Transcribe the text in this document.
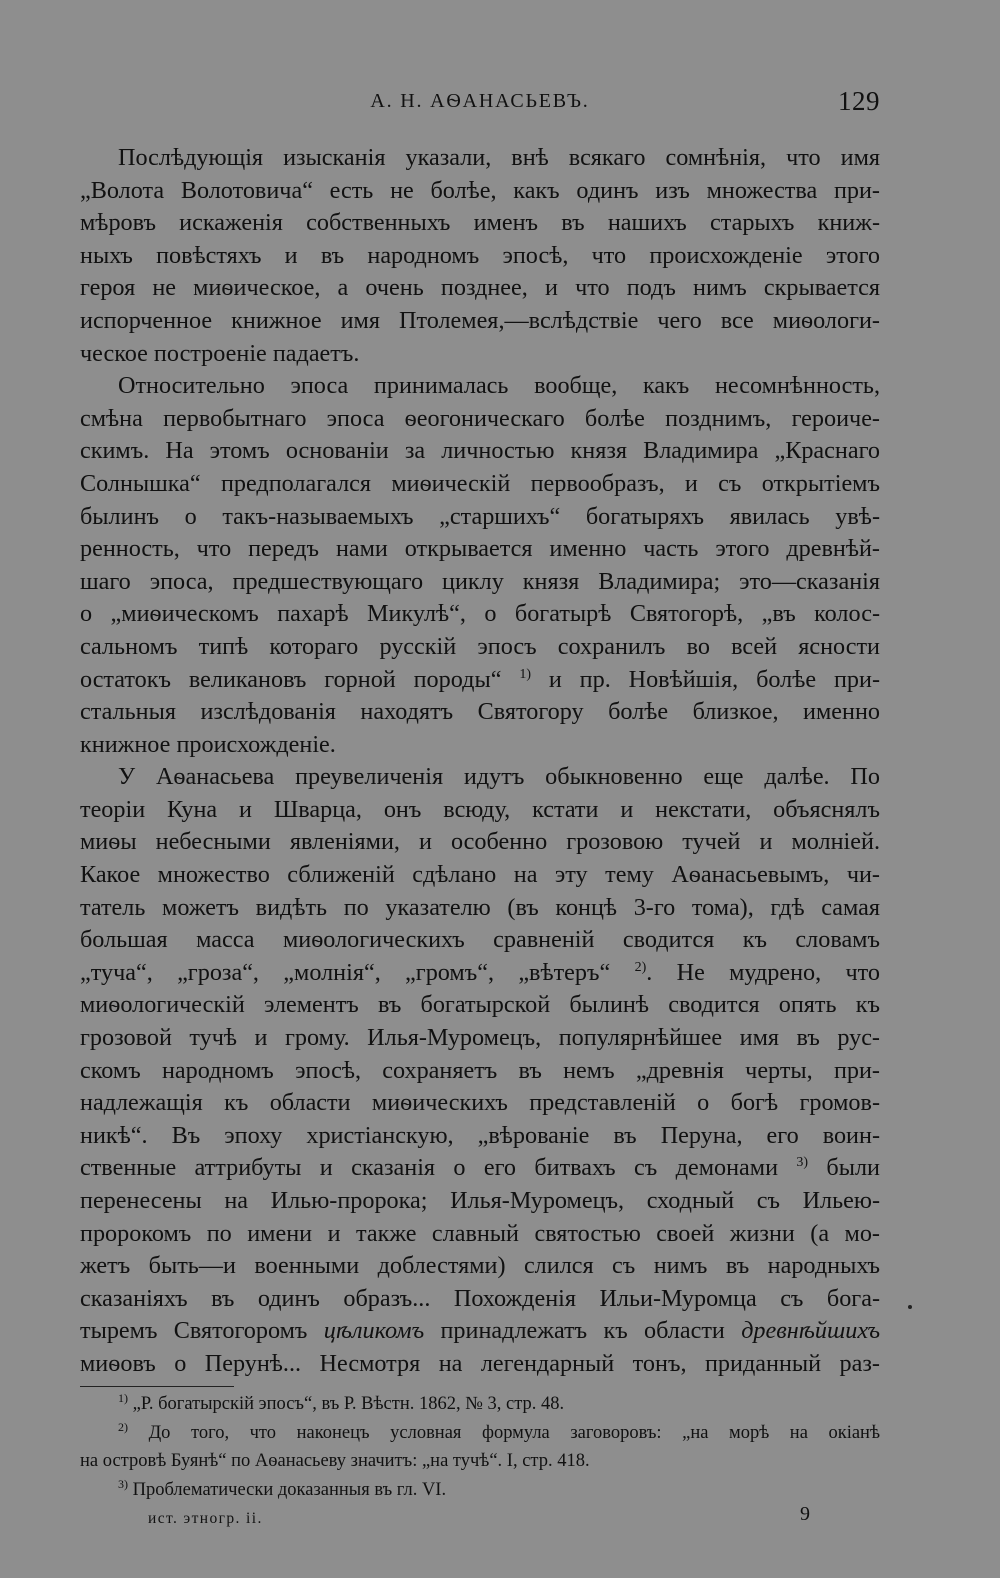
А. Н. АѲАНАСЬЕВЪ.	129
Послѣдующія изысканія указали, внѣ всякаго сомнѣнія, что имя
„Волота Волотовича“ есть не болѣе, какъ одинъ изъ множества при-
мѣровъ искаженія собственныхъ именъ въ нашихъ старыхъ книж-
ныхъ повѣстяхъ и въ народномъ эпосѣ, что происхожденіе этого
героя не миѳическое, а очень позднее, и что подъ нимъ скрывается
испорченное книжное имя Птолемея,—вслѣдствіе чего все миѳологи-
ческое построеніе падаетъ.
Относительно эпоса принималась вообще, какъ несомнѣнность,
смѣна первобытнаго эпоса ѳеогоническаго болѣе позднимъ, героиче-
скимъ. На этомъ основаніи за личностью князя Владимира „Краснаго
Солнышка“ предполагался миѳическій первообразъ, и съ открытіемъ
былинъ о такъ-называемыхъ „старшихъ“ богатыряхъ явилась увѣ-
ренность, что передъ нами открывается именно часть этого древнѣй-
шаго эпоса, предшествующаго циклу князя Владимира; это—сказанія
о „миѳическомъ пахарѣ Микулѣ“, о богатырѣ Святогорѣ, „въ колос-
сальномъ типѣ котораго русскій эпосъ сохранилъ во всей ясности
остатокъ великановъ горной породы“ $^{1)}$ и пр. Новѣйшія, болѣе при-
стальныя изслѣдованія находятъ Святогору болѣе близкое, именно
книжное происхожденіе.
У Аѳанасьева преувеличенія идутъ обыкновенно еще далѣе. По
теоріи Куна и Шварца, онъ всюду, кстати и некстати, объяснялъ
миѳы небесными явленіями, и особенно грозовою тучей и молніей.
Какое множество сближеній сдѣлано на эту тему Аѳанасьевымъ, чи-
татель можетъ видѣть по указателю (въ концѣ 3-го тома), гдѣ самая
большая масса миѳологическихъ сравненій сводится къ словамъ
„туча“, „гроза“, „молнія“, „громъ“, „вѣтеръ“ $^{2)}$. Не мудрено, что
миѳологическій элементъ въ богатырской былинѣ сводится опять къ
грозовой тучѣ и грому. Илья-Муромецъ, популярнѣйшее имя въ рус-
скомъ народномъ эпосѣ, сохраняетъ въ немъ „древнія черты, при-
надлежащія къ области миѳическихъ представленій о богѣ громов-
никѣ“. Въ эпоху христіанскую, „вѣрованіе въ Перуна, его воин-
ственные аттрибуты и сказанія о его битвахъ съ демонами $^{3)}$ были
перенесены на Илью-пророка; Илья-Муромецъ, сходный съ Ильею-
пророкомъ по имени и также славный святостью своей жизни (а мо-
жетъ быть—и военными доблестями) слился съ нимъ въ народныхъ
сказаніяхъ въ одинъ образъ... Похожденія Ильи-Муромца съ бога-
тыремъ Святогоромъ цѣликомъ принадлежатъ къ области древнѣйшихъ
миѳовъ о Перунѣ... Несмотря на легендарный тонъ, приданный раз-
$^{1)}$ „Р. богатырскій эпосъ“, въ Р. Вѣстн. 1862, № 3, стр. 48.
$^{2)}$ До того, что наконецъ условная формула заговоровъ: „на морѣ на окіанѣ
на островѣ Буянѣ“ по Аѳанасьеву значитъ: „на тучѣ“. I, стр. 418.
$^{3)}$ Проблематически доказанныя въ гл. VI.
ист. этногр. ii.	9
